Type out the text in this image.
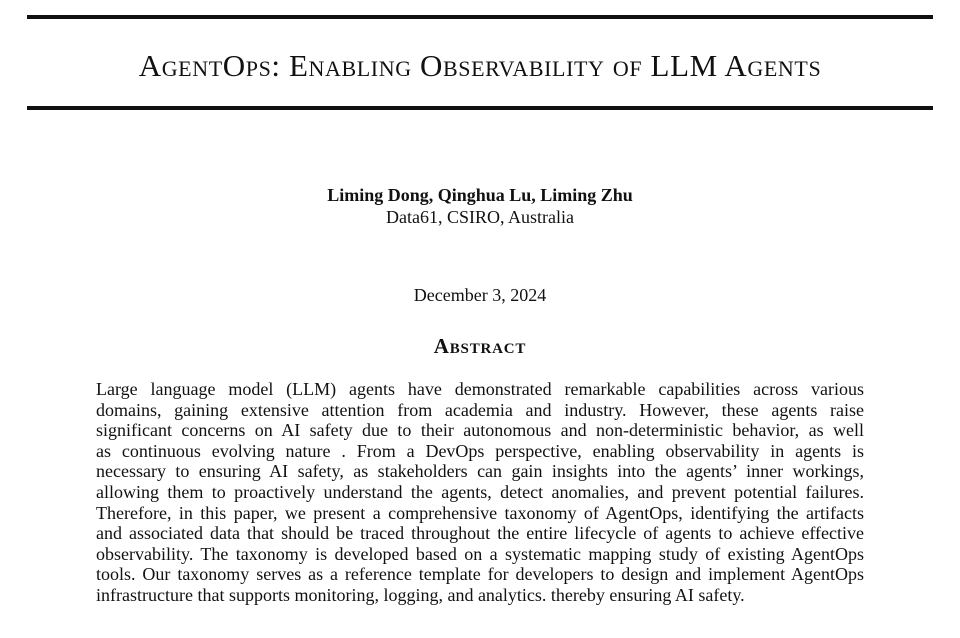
AgentOps: Enabling Observability of LLM Agents
Liming Dong, Qinghua Lu, Liming Zhu
Data61, CSIRO, Australia
December 3, 2024
Abstract
Large language model (LLM) agents have demonstrated remarkable capabilities across various
domains, gaining extensive attention from academia and industry. However, these agents raise
significant concerns on AI safety due to their autonomous and non-deterministic behavior, as well
as continuous evolving nature . From a DevOps perspective, enabling observability in agents is
necessary to ensuring AI safety, as stakeholders can gain insights into the agents’ inner workings,
allowing them to proactively understand the agents, detect anomalies, and prevent potential failures.
Therefore, in this paper, we present a comprehensive taxonomy of AgentOps, identifying the artifacts
and associated data that should be traced throughout the entire lifecycle of agents to achieve effective
observability. The taxonomy is developed based on a systematic mapping study of existing AgentOps
tools. Our taxonomy serves as a reference template for developers to design and implement AgentOps
infrastructure that supports monitoring, logging, and analytics. thereby ensuring AI safety.
